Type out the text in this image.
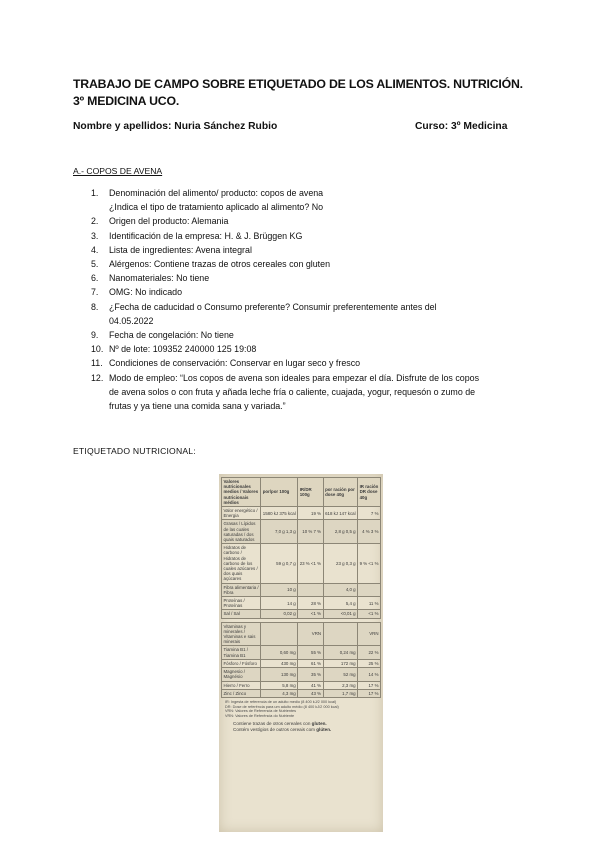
TRABAJO DE CAMPO SOBRE ETIQUETADO DE LOS ALIMENTOS. NUTRICIÓN.
3º MEDICINA UCO.
Nombre y apellidos: Nuria Sánchez Rubio	Curso: 3º Medicina
A.- COPOS DE AVENA
1.	Denominación del alimento/ producto: copos de avena
¿Indica el tipo de tratamiento aplicado al alimento? No
2.	Origen del producto: Alemania
3.	Identificación de la empresa: H. & J. Brüggen KG
4.	Lista de ingredientes: Avena integral
5.	Alérgenos: Contiene trazas de otros cereales con gluten
6.	Nanomateriales: No tiene
7.	OMG: No indicado
8.	¿Fecha de caducidad o Consumo preferente? Consumir preferentemente antes del
04.05.2022
9.	Fecha de congelación: No tiene
10. Nº de lote: 109352 240000 125 19:08
11. Condiciones de conservación: Conservar en lugar seco y fresco
12. Modo de empleo: “Los copos de avena son ideales para empezar el día. Disfrute de los copos
de avena solos o con fruta y añada leche fría o caliente, cuajada, yogur, requesón o zumo de
frutas y ya tiene una comida sana y variada.”
ETIQUETADO NUTRICIONAL:
Valores nutricionales medios / Valores nutricionais médios	por/por 100g	IR/DR 100g	por ración por dose 40g	IR ración DR dose 40g
Valor energético / Energia	1580 kJ 375 kcal	19 %	618 kJ 147 kcal	7 %
Grasas / Lípidos de las cuales saturadas / dos quais saturados	7,0 g 1,3 g	10 % 7 %	2,8 g 0,5 g	4 % 3 %
Hidratos de carbono / Hidratos de carbono de los cuales azúcares / dos quais açúcares	59 g 0,7 g	23 % <1 %	23 g 0,3 g	9 % <1 %
Fibra alimentaria / Fibra	10 g		4,0 g	
Proteínas / Proteínas	14 g	28 %	5,4 g	11 %
Sal / Sal	0,02 g	<1 %	<0,01 g	<1 %

Vitaminas y minerales / Vitaminas e sais minerais		VRN		VRN
Tiamina B1 / Tiamina B1	0,60 mg	55 %	0,24 mg	22 %
Fósforo / Fósforo	430 mg	61 %	172 mg	25 %
Magnesio / Magnésio	130 mg	35 %	52 mg	14 %
Hierro / Ferro	5,8 mg	41 %	2,3 mg	17 %
Zinc / Zinco	4,3 mg	43 %	1,7 mg	17 %
IR: Ingesta de referencia de un adulto medio (8 400 kJ/2 000 kcal)
DR: Dose de referência para um adulto médio (8 400 kJ/2 000 kcal)
VRN: Valores de Referencia de Nutrientes
VRN: Valores de Referência do Nutriente
Contiene trazas de otros cereales con gluten.
Contém vestígios de outros cereais com glúten.
